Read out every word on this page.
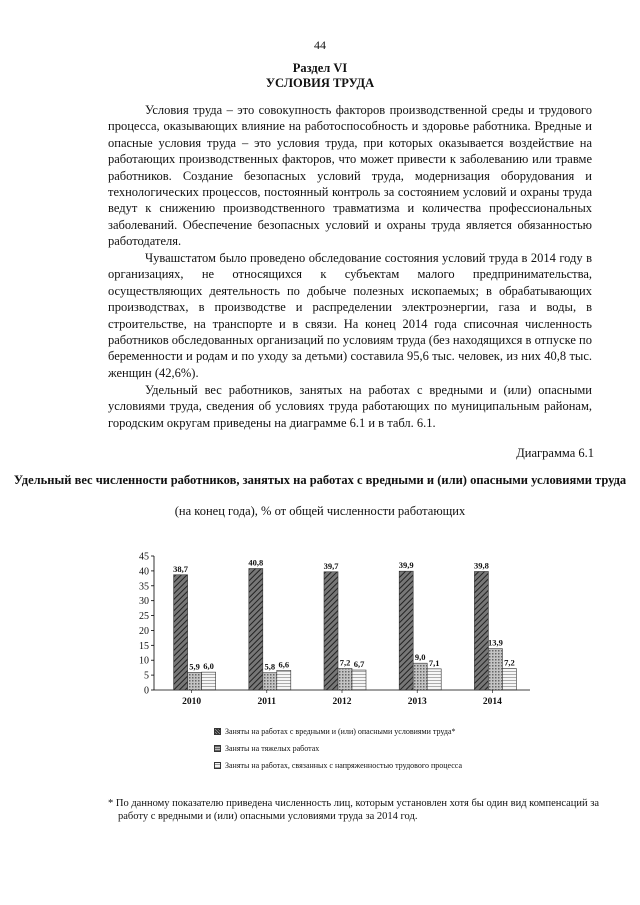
44
Раздел VI
УСЛОВИЯ ТРУДА

Условия труда – это совокупность факторов производственной среды и трудового процесса, оказывающих влияние на работоспособность и здоровье работника. Вредные и опасные условия труда – это условия труда, при которых оказывается воздействие на работающих производственных факторов, что может привести к заболеванию или травме работников. Создание безопасных условий труда, модернизация оборудования и технологических процессов, постоянный контроль за состоянием условий и охраны труда ведут к снижению производственного травматизма и количества профессиональных заболеваний. Обеспечение безопасных условий и охраны труда является обязанностью работодателя.

Чувашстатом было проведено обследование состояния условий труда в 2014 году в организациях, не относящихся к субъектам малого предпринимательства, осуществляющих деятельность по добыче полезных ископаемых; в обрабатывающих производствах, в производстве и распределении электроэнергии, газа и воды, в строительстве, на транспорте и в связи. На конец 2014 года списочная численность работников обследованных организаций по условиям труда (без находящихся в отпуске по беременности и родам и по уходу за детьми) составила 95,6 тыс. человек, из них 40,8 тыс. женщин (42,6%).

Удельный вес работников, занятых на работах с вредными и (или) опасными условиями труда, сведения об условиях труда работающих по муниципальным районам, городским округам приведены на диаграмме 6.1 и в табл. 6.1.

Диаграмма 6.1
Удельный вес численности работников, занятых на работах с вредными и (или) опасными условиями труда
(на конец года), % от общей численности работающих
0
5
10
15
20
25
30
35
40
45
38,7
5,9 6,0
2010
40,8
5,8 6,6
2011
39,7
7,2 6,7
2012
39,9
9,0
7,1
2013
39,8
13,9
7,2
2014
Заняты на работах с вредными и (или) опасными условиями труда*
Заняты на тяжелых работах
Заняты на работах, связанных с напряженностью трудового процесса
* По данному показателю приведена численность лиц, которым установлен хотя бы один вид компенсаций за работу с вредными и (или) опасными условиями труда за 2014 год.
